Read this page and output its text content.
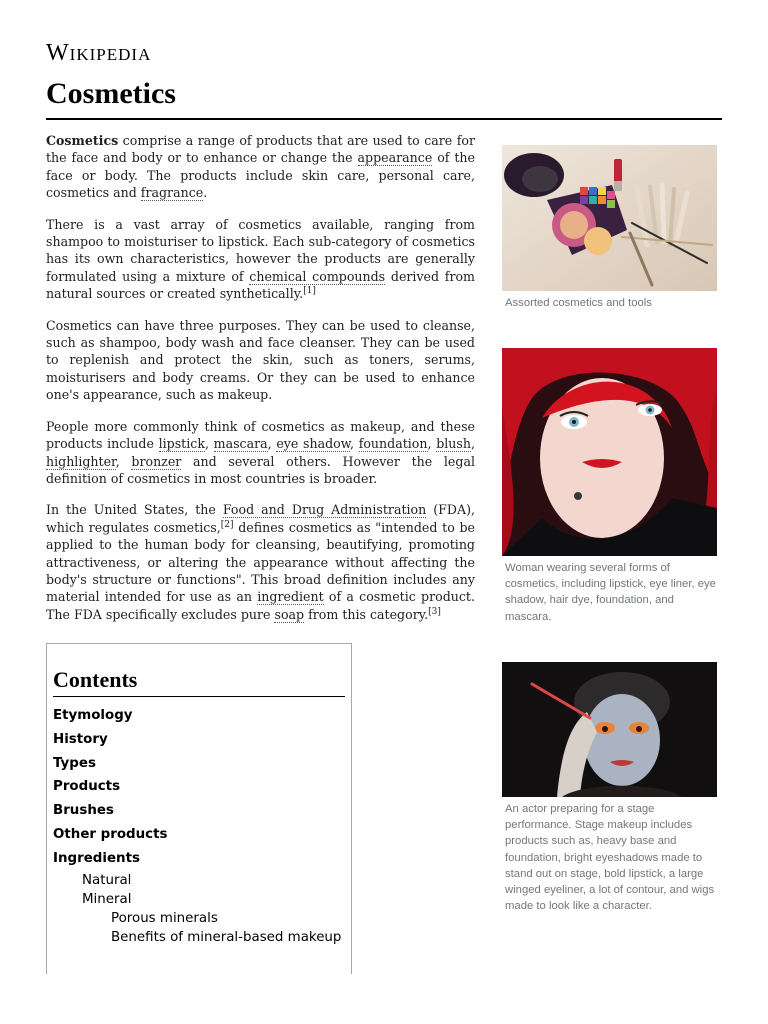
WIKIPEDIA
Cosmetics

Cosmetics comprise a range of products that are used to care for the face and body or to enhance or change the appearance of the face or body. The products include skin care, personal care, cosmetics and fragrance.

There is a vast array of cosmetics available, ranging from shampoo to moisturiser to lipstick. Each sub-category of cosmetics has its own characteristics, however the products are generally formulated using a mixture of chemical compounds derived from natural sources or created synthetically.[1]

Cosmetics can have three purposes. They can be used to cleanse, such as shampoo, body wash and face cleanser. They can be used to replenish and protect the skin, such as toners, serums, moisturisers and body creams. Or they can be used to enhance one's appearance, such as makeup.

People more commonly think of cosmetics as makeup, and these products include lipstick, mascara, eye shadow, foundation, blush, highlighter, bronzer and several others. However the legal definition of cosmetics in most countries is broader.

In the United States, the Food and Drug Administration (FDA), which regulates cosmetics,[2] defines cosmetics as "intended to be applied to the human body for cleansing, beautifying, promoting attractiveness, or altering the appearance without affecting the body's structure or functions". This broad definition includes any material intended for use as an ingredient of a cosmetic product. The FDA specifically excludes pure soap from this category.[3]

Assorted cosmetics and tools
Woman wearing several forms of cosmetics, including lipstick, eye liner, eye shadow, hair dye, foundation, and mascara.
An actor preparing for a stage performance. Stage makeup includes products such as, heavy base and foundation, bright eyeshadows made to stand out on stage, bold lipstick, a large winged eyeliner, a lot of contour, and wigs made to look like a character.
Contents
Etymology
History
Types
Products
Brushes
Other products
Ingredients
Natural
Mineral
Porous minerals
Benefits of mineral-based makeup
